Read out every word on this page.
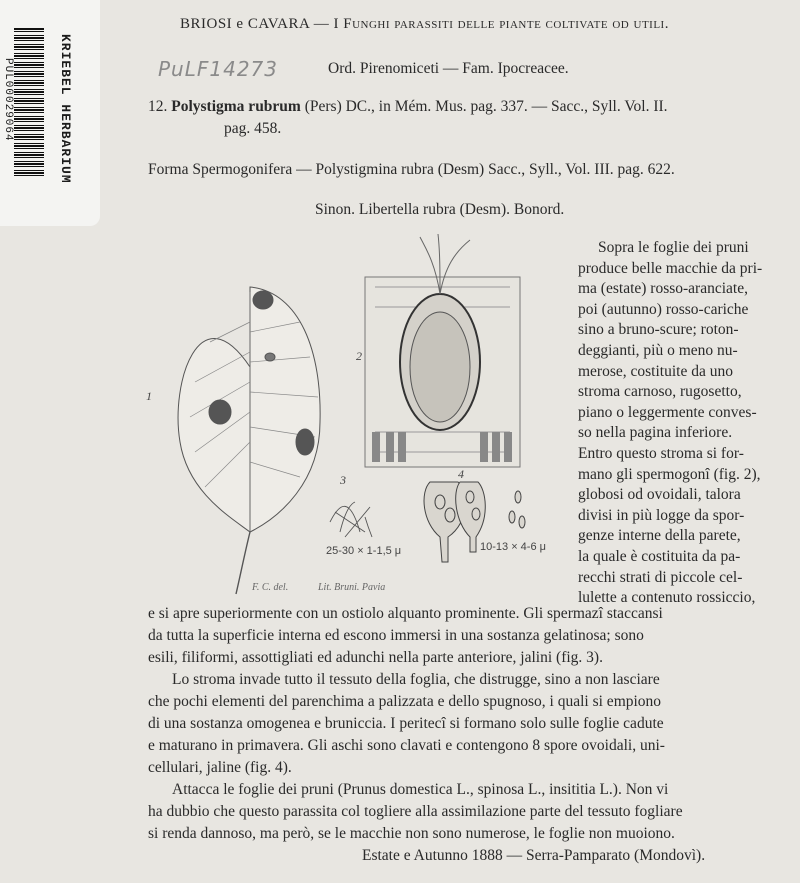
KRIEBEL HERBARIUM
PUL00029064
BRIOSI e CAVARA — I Funghi parassiti delle piante coltivate od utili.
PuLF14273	Ord. Pirenomiceti — Fam. Ipocreacee.
12. Polystigma rubrum (Pers) DC., in Mém. Mus. pag. 337. — Sacc., Syll. Vol. II.
pag. 458.
Forma Spermogonifera — Polystigmina rubra (Desm) Sacc., Syll., Vol. III. pag. 622.
Sinon. Libertella rubra (Desm). Bonord.
Sopra le foglie dei pruni
produce belle macchie da pri-
ma (estate) rosso-aranciate,
poi (autunno) rosso-cariche
sino a bruno-scure; roton-
deggianti, più o meno nu-
merose, costituite da uno
stroma carnoso, rugosetto,
piano o leggermente conves-
so nella pagina inferiore.
Entro questo stroma si for-
mano gli spermogonî (fig. 2),
globosi od ovoidali, talora
divisi in più logge da spor-
genze interne della parete,
la quale è costituita da pa-
recchi strati di piccole cel-
lulette a contenuto rossiccio,
1
2
3
25-30 × 1-1,5 μ
4
10-13 × 4-6 μ
F. C. del.	Lit. Bruni. Pavia
e si apre superiormente con un ostiolo alquanto prominente. Gli spermazî staccansi
da tutta la superficie interna ed escono immersi in una sostanza gelatinosa; sono
esili, filiformi, assottigliati ed adunchi nella parte anteriore, jalini (fig. 3).
Lo stroma invade tutto il tessuto della foglia, che distrugge, sino a non lasciare
che pochi elementi del parenchima a palizzata e dello spugnoso, i quali si empiono
di una sostanza omogenea e bruniccia. I peritecî si formano solo sulle foglie cadute
e maturano in primavera. Gli aschi sono clavati e contengono 8 spore ovoidali, uni-
cellulari, jaline (fig. 4).
Attacca le foglie dei pruni (Prunus domestica L., spinosa L., insititia L.). Non vi
ha dubbio che questo parassita col togliere alla assimilazione parte del tessuto fogliare
si renda dannoso, ma però, se le macchie non sono numerose, le foglie non muoiono.
Estate e Autunno 1888 — Serra-Pamparato (Mondovì).
